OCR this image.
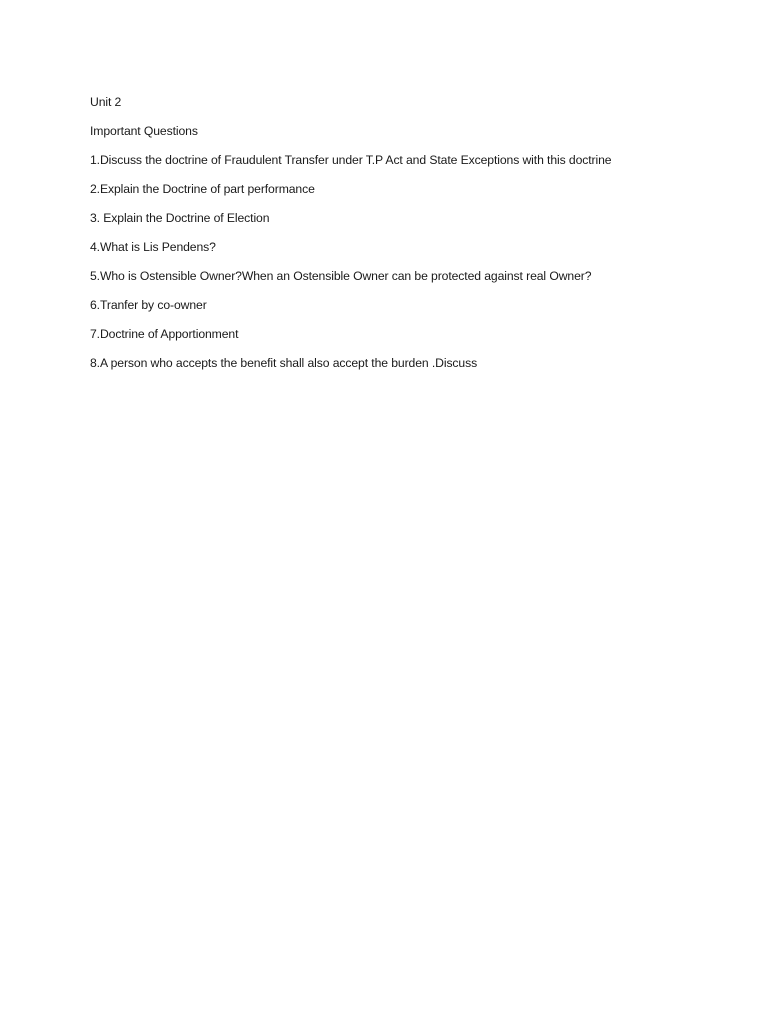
Unit 2
Important Questions
1.Discuss the doctrine of Fraudulent Transfer under T.P Act and State Exceptions with this doctrine
2.Explain the Doctrine of part performance
3. Explain the Doctrine of Election
4.What is Lis Pendens?
5.Who is Ostensible Owner?When an Ostensible Owner can be protected against real Owner?
6.Tranfer by co-owner
7.Doctrine of Apportionment
8.A person who accepts the benefit shall also accept the burden .Discuss
